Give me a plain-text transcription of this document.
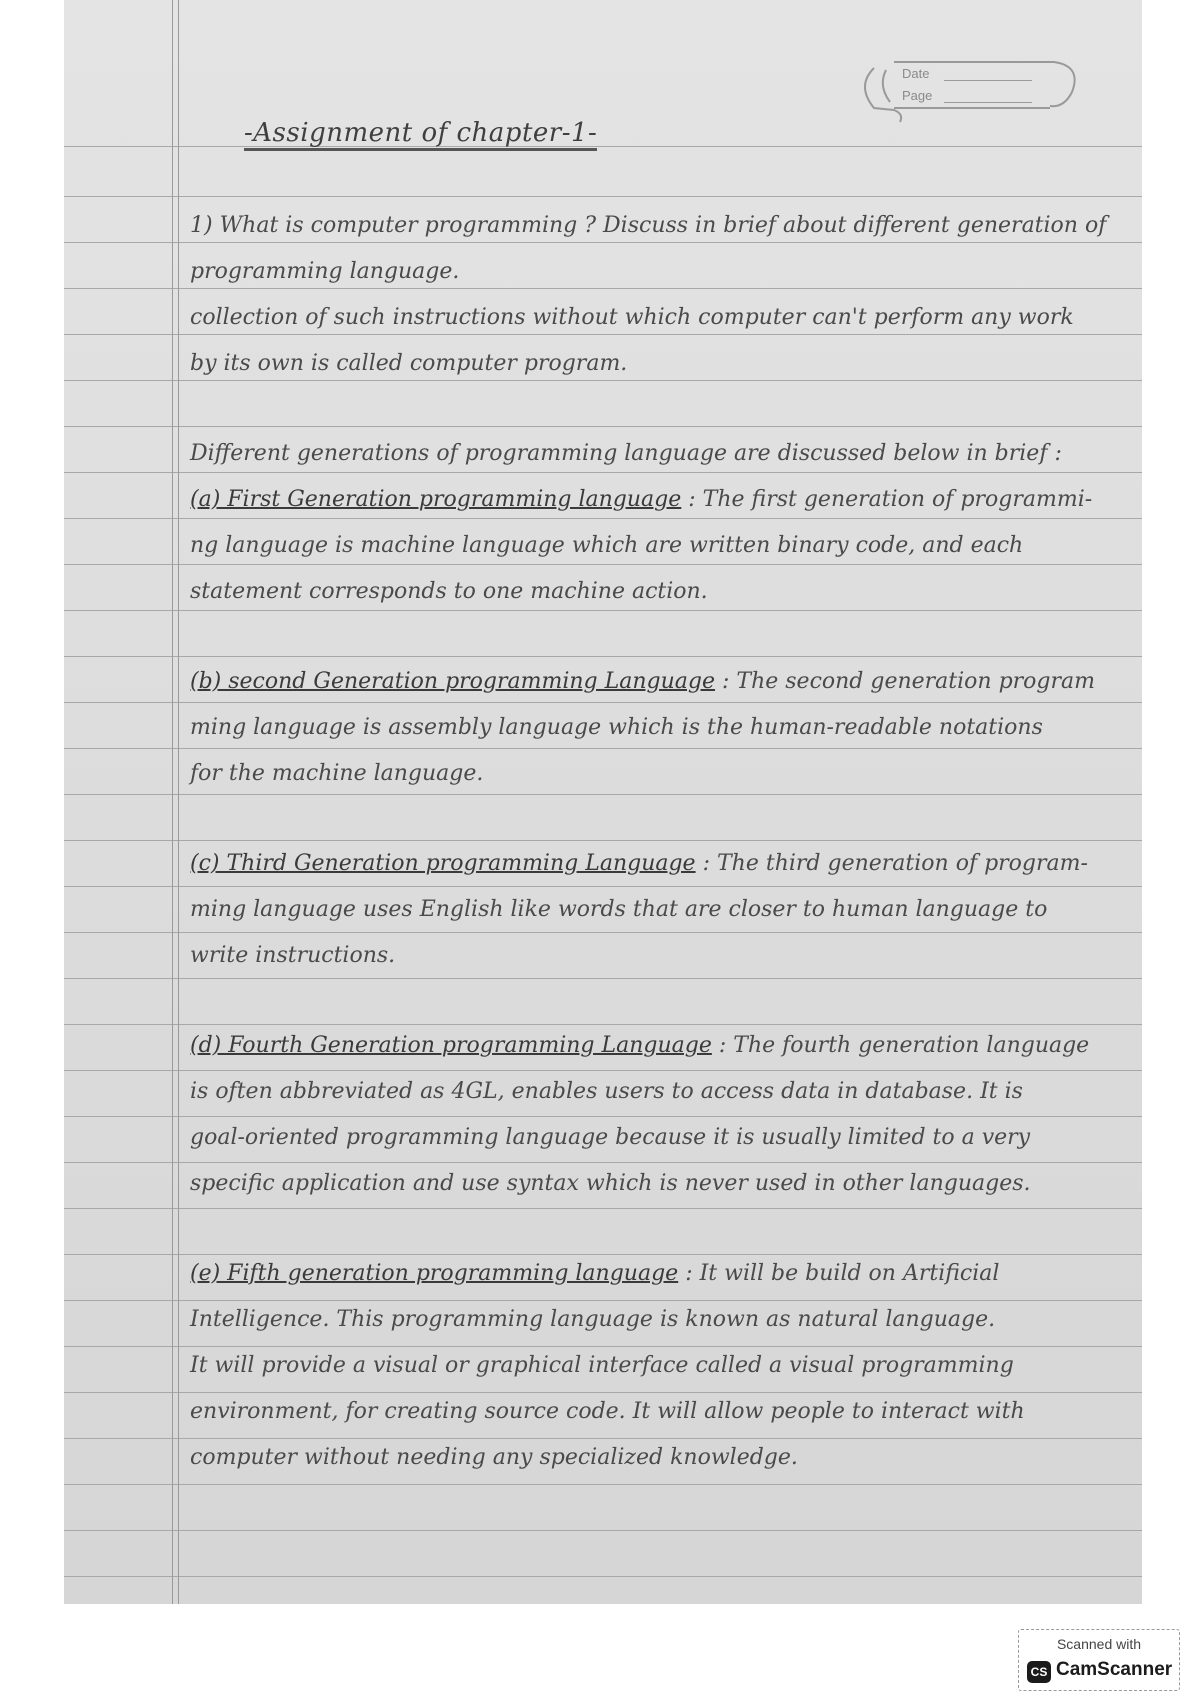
Date
Page
-Assignment of chapter-1-
1) What is computer programming ? Discuss in brief about different generation of
programming language.
collection of such instructions without which computer can't perform any work
by its own is called computer program.
Different generations of programming language are discussed below in brief :
(a) First Generation programming language : The first generation of programmi-
ng language is machine language which are written binary code, and each
statement corresponds to one machine action.
(b) second Generation programming Language : The second generation program
ming language is assembly language which is the human-readable notations
for the machine language.
(c) Third Generation programming Language : The third generation of program-
ming language uses English like words that are closer to human language to
write instructions.
(d) Fourth Generation programming Language : The fourth generation language
is often abbreviated as 4GL, enables users to access data in database. It is
goal-oriented programming language because it is usually limited to a very
specific application and use syntax which is never used in other languages.
(e) Fifth generation programming language : It will be build on Artificial
Intelligence. This programming language is known as natural language.
It will provide a visual or graphical interface called a visual programming
environment, for creating source code. It will allow people to interact with
computer without needing any specialized knowledge.
Scanned with
CS CamScanner
